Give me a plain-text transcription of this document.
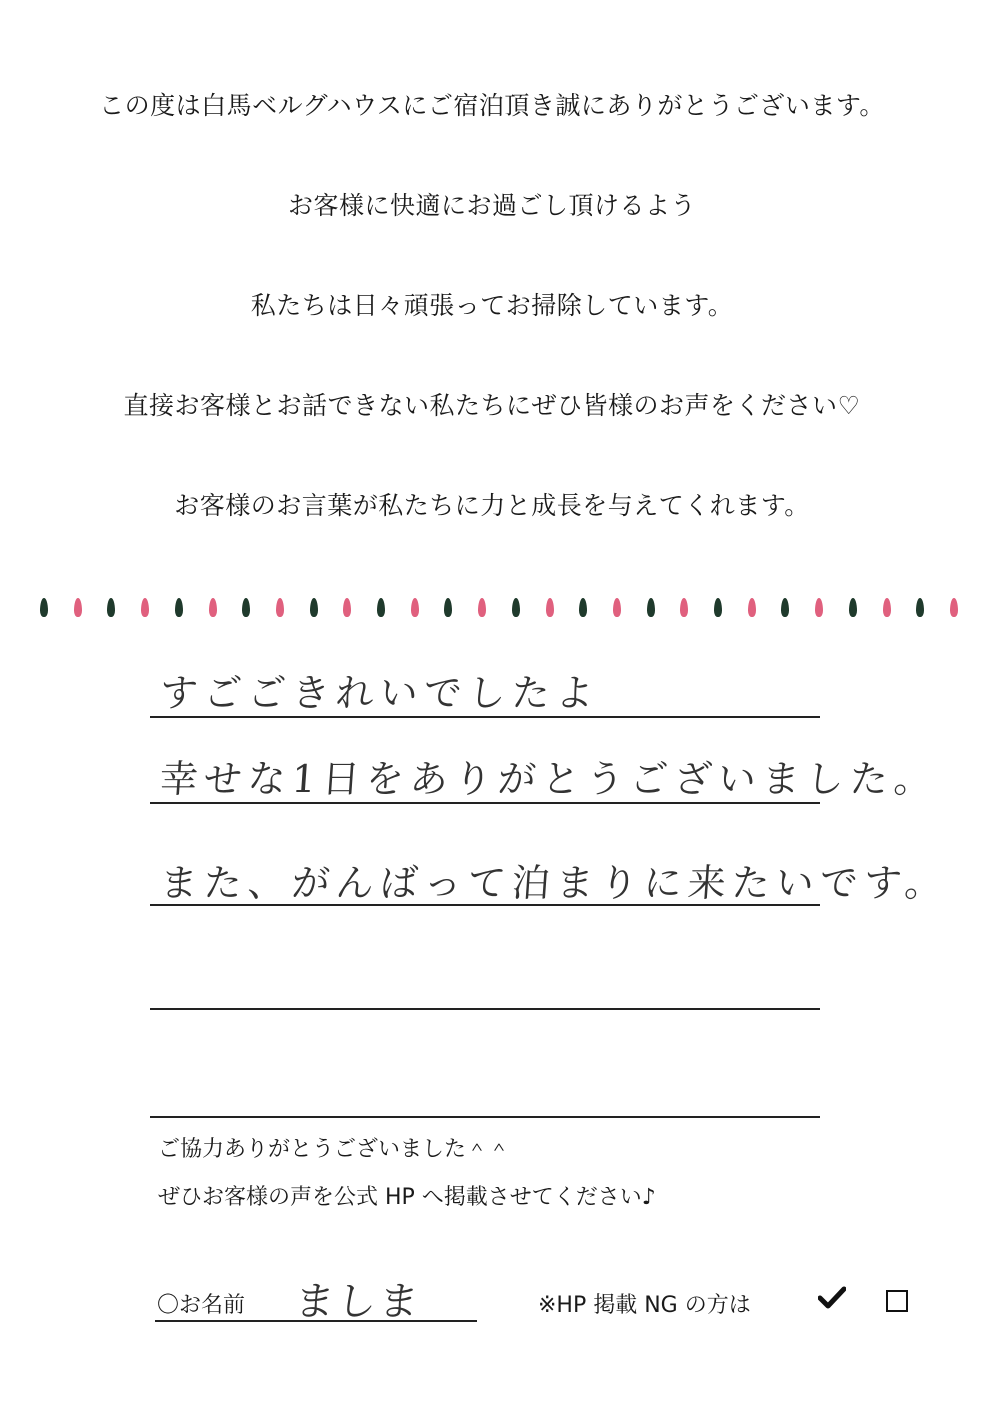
この度は白馬ベルグハウスにご宿泊頂き誠にありがとうございます。
お客様に快適にお過ごし頂けるよう
私たちは日々頑張ってお掃除しています。
直接お客様とお話できない私たちにぜひ皆様のお声をください♡
お客様のお言葉が私たちに力と成長を与えてくれます。
すごごきれいでしたよ
幸せな1日をありがとうございました。
また、がんばって泊まりに来たいです。
ご協力ありがとうございました＾＾
ぜひお客様の声を公式 HP へ掲載させてください♪
〇お名前 ましま	※HP 掲載 NG の方は
